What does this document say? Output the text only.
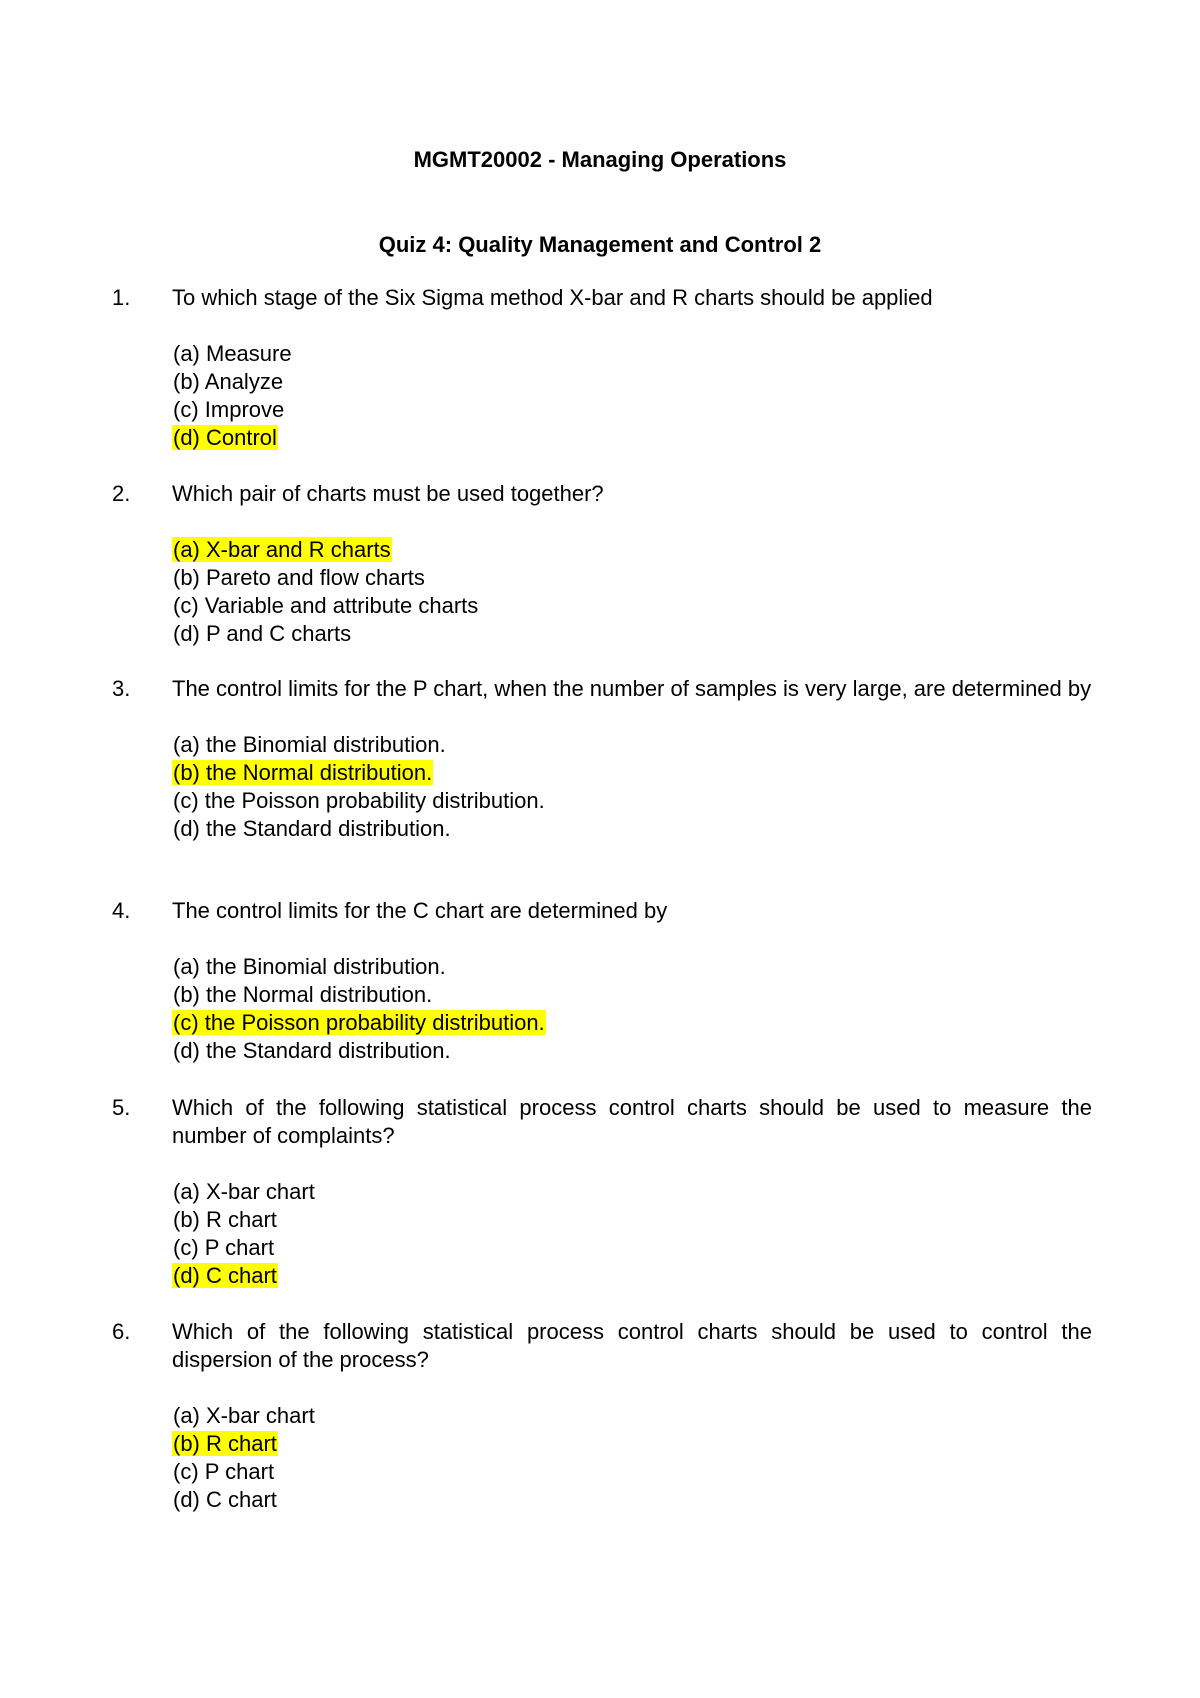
MGMT20002 - Managing Operations
Quiz 4: Quality Management and Control 2
1.	To which stage of the Six Sigma method X-bar and R charts should be applied
(a) Measure
(b) Analyze
(c) Improve
(d) Control
2.	Which pair of charts must be used together?
(a) X-bar and R charts
(b) Pareto and flow charts
(c) Variable and attribute charts
(d) P and C charts
3.	The control limits for the P chart, when the number of samples is very large, are determined by
(a) the Binomial distribution.
(b) the Normal distribution.
(c) the Poisson probability distribution.
(d) the Standard distribution.
4.	The control limits for the C chart are determined by
(a) the Binomial distribution.
(b) the Normal distribution.
(c) the Poisson probability distribution.
(d) the Standard distribution.
5.	Which of the following statistical process control charts should be used to measure the number of complaints?
(a) X-bar chart
(b) R chart
(c) P chart
(d) C chart
6.	Which of the following statistical process control charts should be used to control the dispersion of the process?
(a) X-bar chart
(b) R chart
(c) P chart
(d) C chart
